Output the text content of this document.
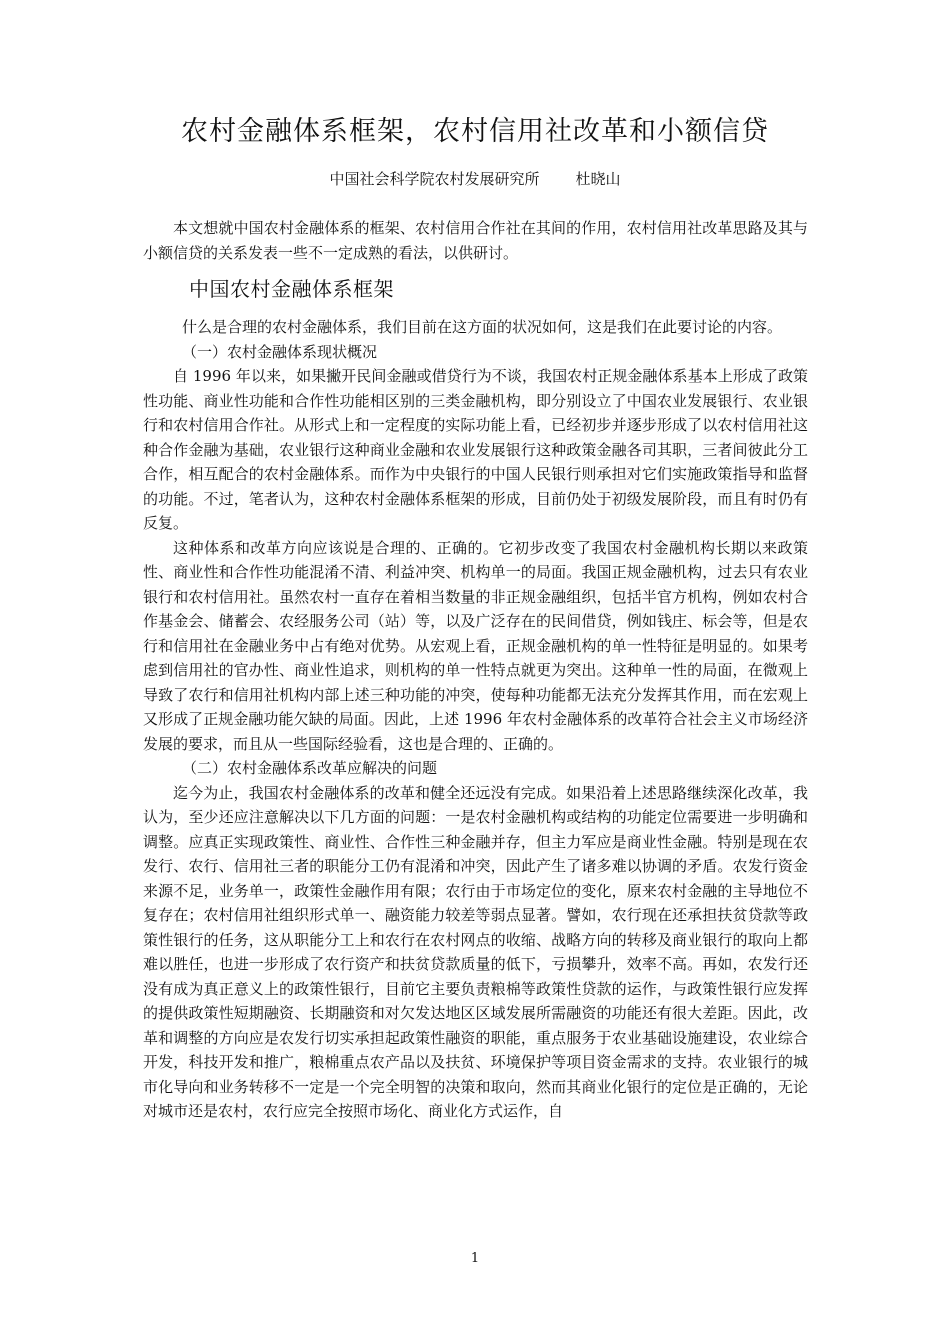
农村金融体系框架，农村信用社改革和小额信贷
中国社会科学院农村发展研究所 杜晓山

本文想就中国农村金融体系的框架、农村信用合作社在其间的作用，农村信用社改革思路及其与小额信贷的关系发表一些不一定成熟的看法，以供研讨。

中国农村金融体系框架

什么是合理的农村金融体系，我们目前在这方面的状况如何，这是我们在此要讨论的内容。

（一）农村金融体系现状概况

自 1996 年以来，如果撇开民间金融或借贷行为不谈，我国农村正规金融体系基本上形成了政策性功能、商业性功能和合作性功能相区别的三类金融机构，即分别设立了中国农业发展银行、农业银行和农村信用合作社。从形式上和一定程度的实际功能上看，已经初步并逐步形成了以农村信用社这种合作金融为基础，农业银行这种商业金融和农业发展银行这种政策金融各司其职，三者间彼此分工合作，相互配合的农村金融体系。而作为中央银行的中国人民银行则承担对它们实施政策指导和监督的功能。不过，笔者认为，这种农村金融体系框架的形成，目前仍处于初级发展阶段，而且有时仍有反复。

这种体系和改革方向应该说是合理的、正确的。它初步改变了我国农村金融机构长期以来政策性、商业性和合作性功能混淆不清、利益冲突、机构单一的局面。我国正规金融机构，过去只有农业银行和农村信用社。虽然农村一直存在着相当数量的非正规金融组织，包括半官方机构，例如农村合作基金会、储蓄会、农经服务公司（站）等，以及广泛存在的民间借贷，例如钱庄、标会等，但是农行和信用社在金融业务中占有绝对优势。从宏观上看，正规金融机构的单一性特征是明显的。如果考虑到信用社的官办性、商业性追求，则机构的单一性特点就更为突出。这种单一性的局面，在微观上导致了农行和信用社机构内部上述三种功能的冲突，使每种功能都无法充分发挥其作用，而在宏观上又形成了正规金融功能欠缺的局面。因此，上述 1996 年农村金融体系的改革符合社会主义市场经济发展的要求，而且从一些国际经验看，这也是合理的、正确的。

（二）农村金融体系改革应解决的问题

迄今为止，我国农村金融体系的改革和健全还远没有完成。如果沿着上述思路继续深化改革，我认为，至少还应注意解决以下几方面的问题：一是农村金融机构或结构的功能定位需要进一步明确和调整。应真正实现政策性、商业性、合作性三种金融并存，但主力军应是商业性金融。特别是现在农发行、农行、信用社三者的职能分工仍有混淆和冲突，因此产生了诸多难以协调的矛盾。农发行资金来源不足，业务单一，政策性金融作用有限；农行由于市场定位的变化，原来农村金融的主导地位不复存在；农村信用社组织形式单一、融资能力较差等弱点显著。譬如，农行现在还承担扶贫贷款等政策性银行的任务，这从职能分工上和农行在农村网点的收缩、战略方向的转移及商业银行的取向上都难以胜任，也进一步形成了农行资产和扶贫贷款质量的低下，亏损攀升，效率不高。再如，农发行还没有成为真正意义上的政策性银行，目前它主要负责粮棉等政策性贷款的运作，与政策性银行应发挥的提供政策性短期融资、长期融资和对欠发达地区区域发展所需融资的功能还有很大差距。因此，改革和调整的方向应是农发行切实承担起政策性融资的职能，重点服务于农业基础设施建设，农业综合开发，科技开发和推广，粮棉重点农产品以及扶贫、环境保护等项目资金需求的支持。农业银行的城市化导向和业务转移不一定是一个完全明智的决策和取向，然而其商业化银行的定位是正确的，无论对城市还是农村，农行应完全按照市场化、商业化方式运作，自

1
